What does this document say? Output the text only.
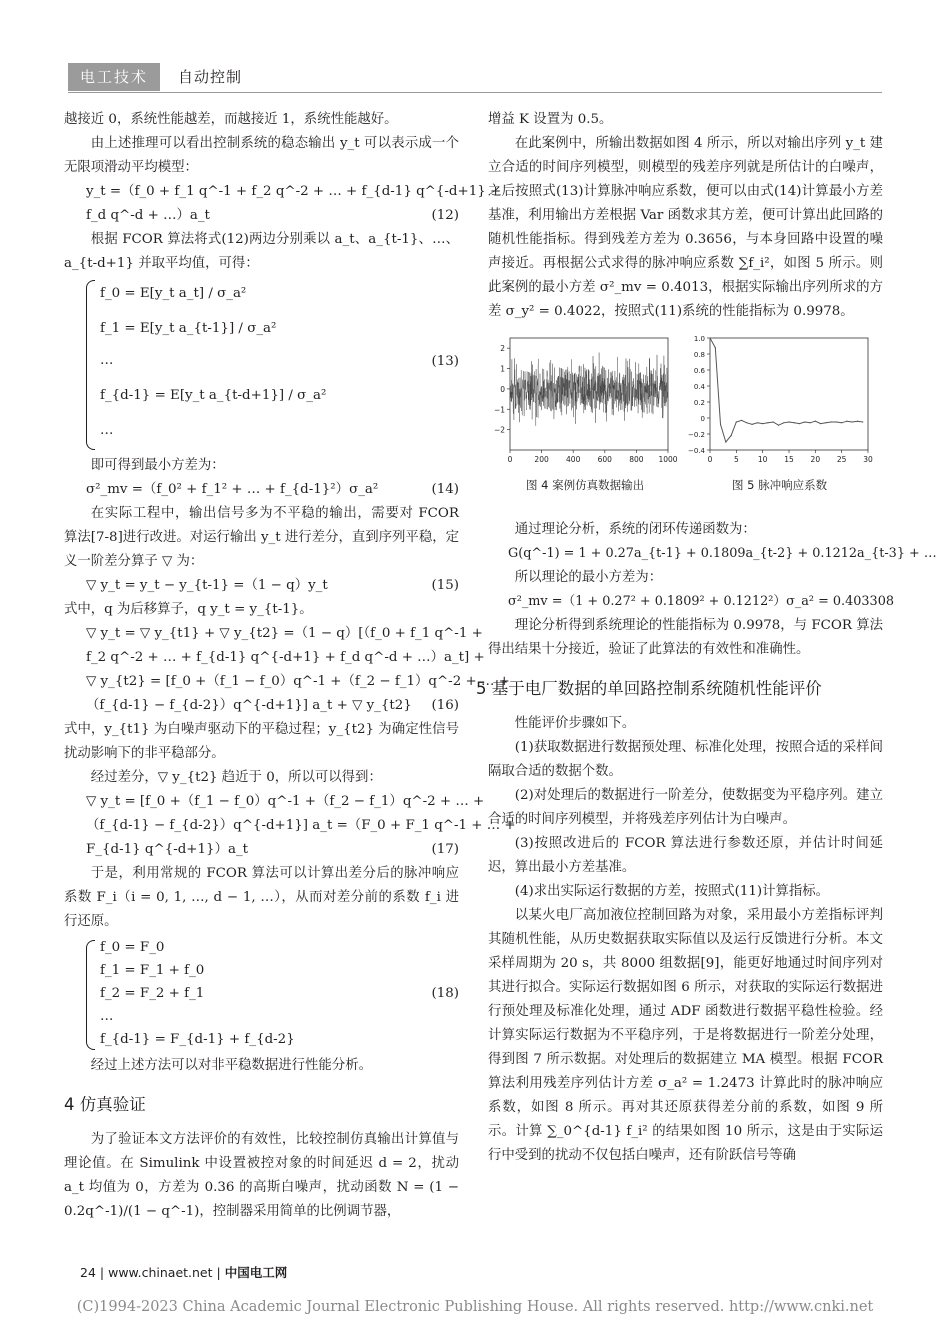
电工技术	自动控制

越接近 0，系统性能越差，而越接近 1，系统性能越好。

由上述推理可以看出控制系统的稳态输出 y_t 可以表示成一个无限项滑动平均模型：

y_t =（f_0 + f_1 q^-1 + f_2 q^-2 + … + f_{d-1} q^{-d+1} +
f_d q^-d + …）a_t	(12)

根据 FCOR 算法将式(12)两边分别乘以 a_t、a_{t-1}、…、a_{t-d+1} 并取平均值，可得：

f_0 = E[y_t a_t] / σ_a²
f_1 = E[y_t a_{t-1}] / σ_a²
…
f_{d-1} = E[y_t a_{t-d+1}] / σ_a²
…
(13)

即可得到最小方差为：

σ²_mv =（f_0² + f_1² + … + f_{d-1}²）σ_a²	(14)

在实际工程中，输出信号多为不平稳的输出，需要对 FCOR 算法[7-8]进行改进。对运行输出 y_t 进行差分，直到序列平稳，定义一阶差分算子 ▽ 为：

▽ y_t = y_t − y_{t-1} =（1 − q）y_t	(15)

式中，q 为后移算子，q y_t = y_{t-1}。

▽ y_t = ▽ y_{t1} + ▽ y_{t2} =（1 − q）[（f_0 + f_1 q^-1 +
f_2 q^-2 + … + f_{d-1} q^{-d+1} + f_d q^-d + …）a_t] +
▽ y_{t2} = [f_0 +（f_1 − f_0）q^-1 +（f_2 − f_1）q^-2 + … +
（f_{d-1} − f_{d-2}）q^{-d+1}] a_t + ▽ y_{t2} (16)

式中，y_{t1} 为白噪声驱动下的平稳过程；y_{t2} 为确定性信号扰动影响下的非平稳部分。

经过差分，▽ y_{t2} 趋近于 0，所以可以得到：

▽ y_t = [f_0 +（f_1 − f_0）q^-1 +（f_2 − f_1）q^-2 + … +
（f_{d-1} − f_{d-2}）q^{-d+1}] a_t =（F_0 + F_1 q^-1 + … +
F_{d-1} q^{-d+1}）a_t	(17)

于是，利用常规的 FCOR 算法可以计算出差分后的脉冲响应系数 F_i（i = 0, 1, …, d − 1, …），从而对差分前的系数 f_i 进行还原。

f_0 = F_0
f_1 = F_1 + f_0
f_2 = F_2 + f_1
…
f_{d-1} = F_{d-1} + f_{d-2}
(18)

经过上述方法可以对非平稳数据进行性能分析。

4 仿真验证

为了验证本文方法评价的有效性，比较控制仿真输出计算值与理论值。在 Simulink 中设置被控对象的时间延迟 d = 2，扰动 a_t 均值为 0，方差为 0.36 的高斯白噪声，扰动函数 N = (1 − 0.2q^-1)/(1 − q^-1)，控制器采用简单的比例调节器，

增益 K 设置为 0.5。

在此案例中，所输出数据如图 4 所示，所以对输出序列 y_t 建立合适的时间序列模型，则模型的残差序列就是所估计的白噪声，之后按照式(13)计算脉冲响应系数，便可以由式(14)计算最小方差基准，利用输出方差根据 Var 函数求其方差，便可计算出此回路的随机性能指标。得到残差方差为 0.3656，与本身回路中设置的噪声接近。再根据公式求得的脉冲响应系数 ∑f_i²，如图 5 所示。则此案例的最小方差 σ²_mv = 0.4013，根据实际输出序列所求的方差 σ_y² = 0.4022，按照式(11)系统的性能指标为 0.9978。

0	200 400 600 800 1000
2
1
0
−1
−2
0	5	10 15 20 25 30
1.0
0.8
0.6
0.4
0.2
0
−0.2
−0.4
图 4 案例仿真数据输出	图 5 脉冲响应系数

通过理论分析，系统的闭环传递函数为：

G(q^-1) = 1 + 0.27a_{t-1} + 0.1809a_{t-2} + 0.1212a_{t-3} + …

所以理论的最小方差为：

σ²_mv =（1 + 0.27² + 0.1809² + 0.1212²）σ_a² = 0.403308

理论分析得到系统理论的性能指标为 0.9978，与 FCOR 算法得出结果十分接近，验证了此算法的有效性和准确性。

5 基于电厂数据的单回路控制系统随机性能评价

性能评价步骤如下。

(1)获取数据进行数据预处理、标准化处理，按照合适的采样间隔取合适的数据个数。

(2)对处理后的数据进行一阶差分，使数据变为平稳序列。建立合适的时间序列模型，并将残差序列估计为白噪声。

(3)按照改进后的 FCOR 算法进行参数还原，并估计时间延迟，算出最小方差基准。

(4)求出实际运行数据的方差，按照式(11)计算指标。

以某火电厂高加液位控制回路为对象，采用最小方差指标评判其随机性能，从历史数据获取实际值以及运行反馈进行分析。本文采样周期为 20 s，共 8000 组数据[9]，能更好地通过时间序列对其进行拟合。实际运行数据如图 6 所示，对获取的实际运行数据进行预处理及标准化处理，通过 ADF 函数进行数据平稳性检验。经计算实际运行数据为不平稳序列，于是将数据进行一阶差分处理，得到图 7 所示数据。对处理后的数据建立 MA 模型。根据 FCOR 算法利用残差序列估计方差 σ_a² = 1.2473 计算此时的脉冲响应系数，如图 8 所示。再对其还原获得差分前的系数，如图 9 所示。计算 ∑_0^{d-1} f_i² 的结果如图 10 所示，这是由于实际运行中受到的扰动不仅包括白噪声，还有阶跃信号等确

24 | www.chinaet.net | 中国电工网
(C)1994-2023 China Academic Journal Electronic Publishing House. All rights reserved. http://www.cnki.net
